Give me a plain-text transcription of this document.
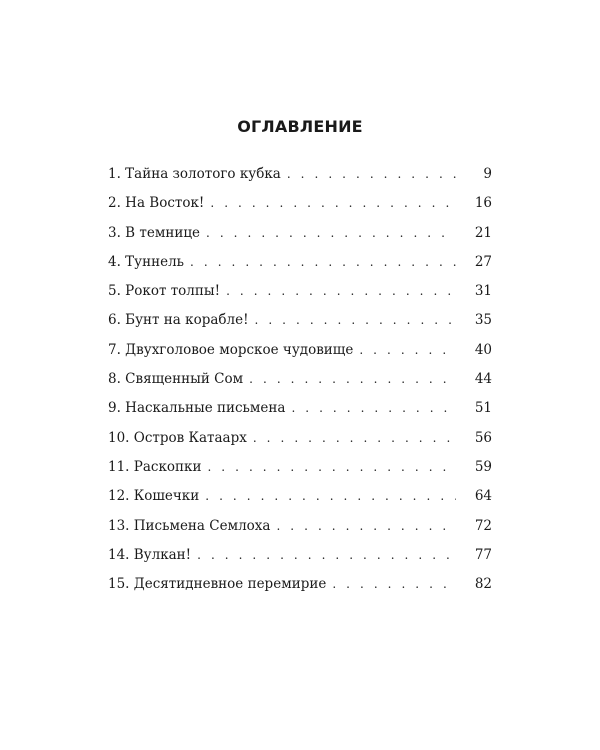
ОГЛАВЛЕНИЕ
1. Тайна золотого кубка . . .	9
2. На Восток! . . .	16
3. В темнице . . .	21
4. Туннель . . .	27
5. Рокот толпы! . . .	31
6. Бунт на корабле! . . .	35
7. Двухголовое морское чудовище . . .	40
8. Священный Сом . . .	44
9. Наскальные письмена . . .	51
10. Остров Катаарх . . .	56
11. Раскопки . . .	59
12. Кошечки . . .	64
13. Письмена Семлоха . . .	72
14. Вулкан! . . .	77
15. Десятидневное перемирие . . .	82
